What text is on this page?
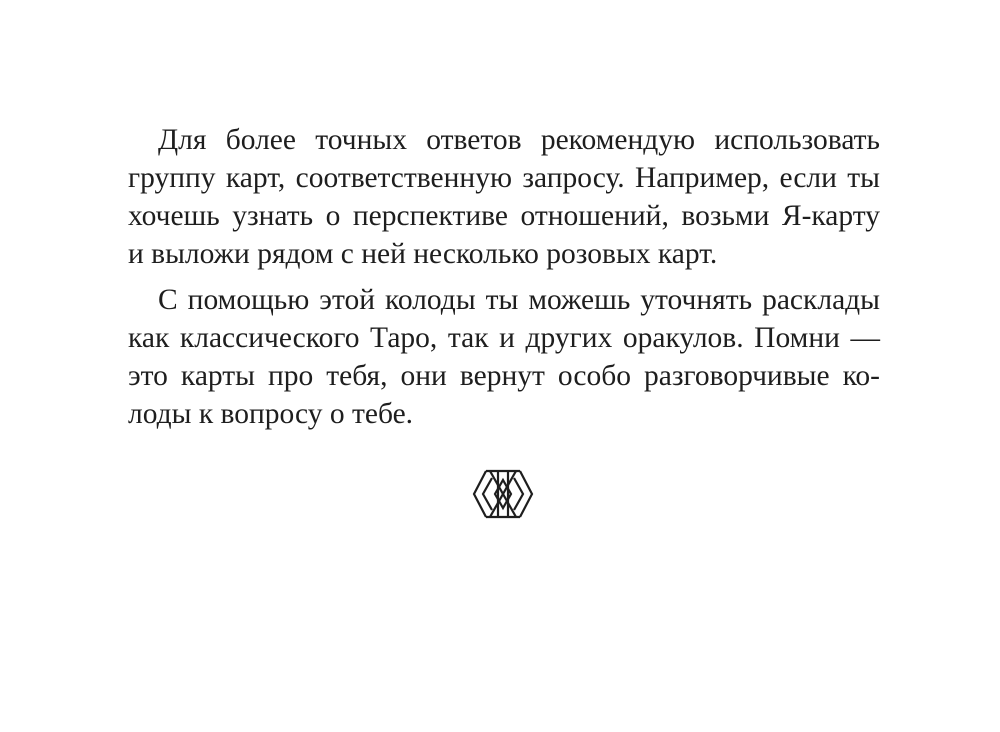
Для более точных ответов рекомендую использовать
группу карт, соответственную запросу. Например, если ты
хочешь узнать о перспективе отношений, возьми Я-карту
и выложи рядом с ней несколько розовых карт.
С помощью этой колоды ты можешь уточнять расклады
как классического Таро, так и других оракулов. Помни —
это карты про тебя, они вернут особо разговорчивые ко-
лоды к вопросу о тебе.
